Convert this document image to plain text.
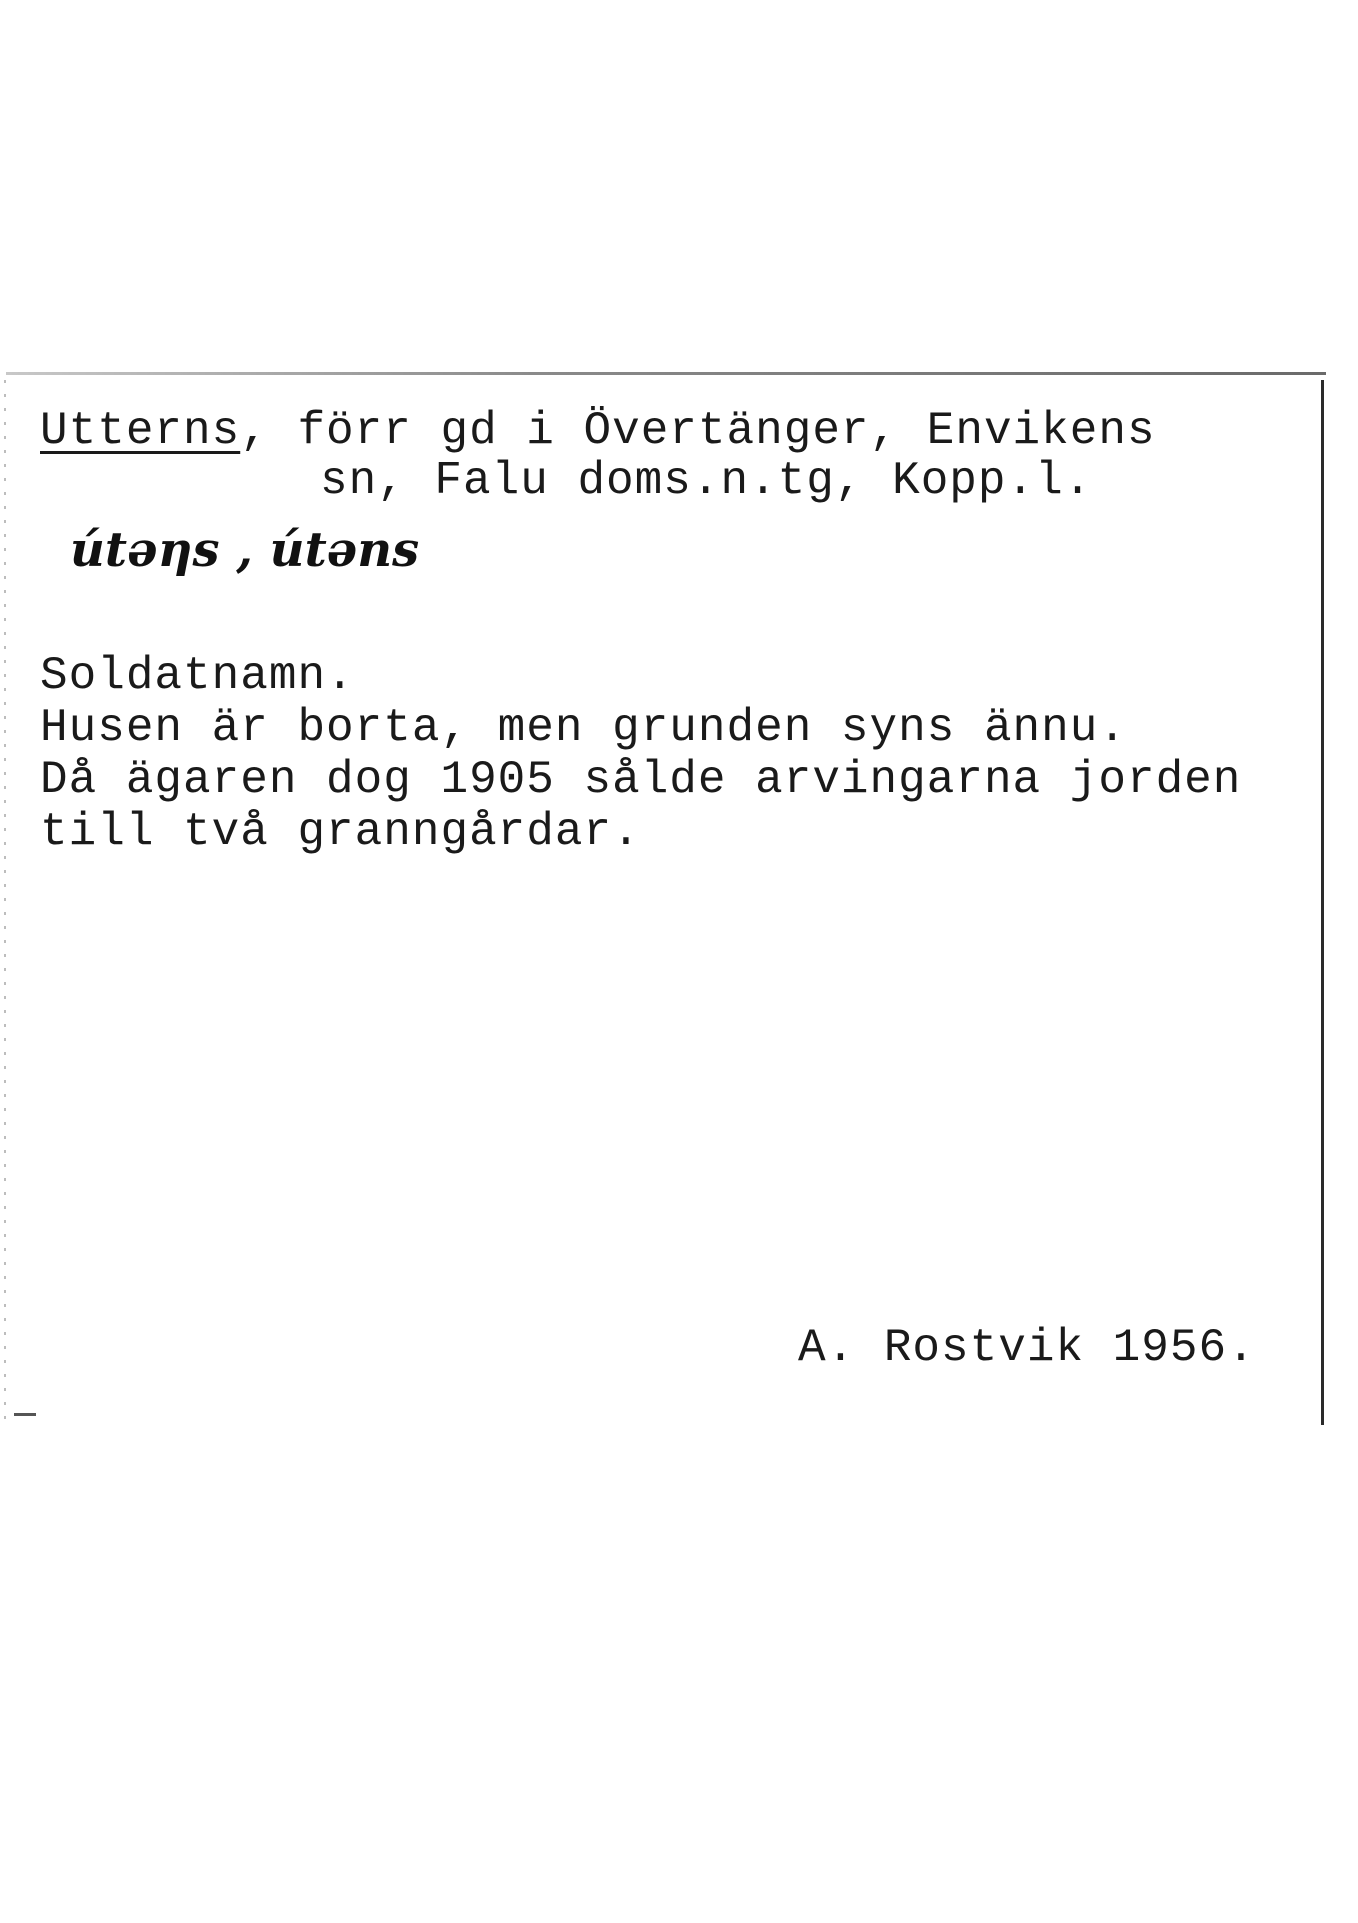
Utterns, förr gd i Övertänger, Envikens
sn, Falu doms.n.tg, Kopp.l.
útəηs , útəns
Soldatnamn.
Husen är borta, men grunden syns ännu.
Då ägaren dog 1905 sålde arvingarna jorden
till två granngårdar.
A. Rostvik 1956.
